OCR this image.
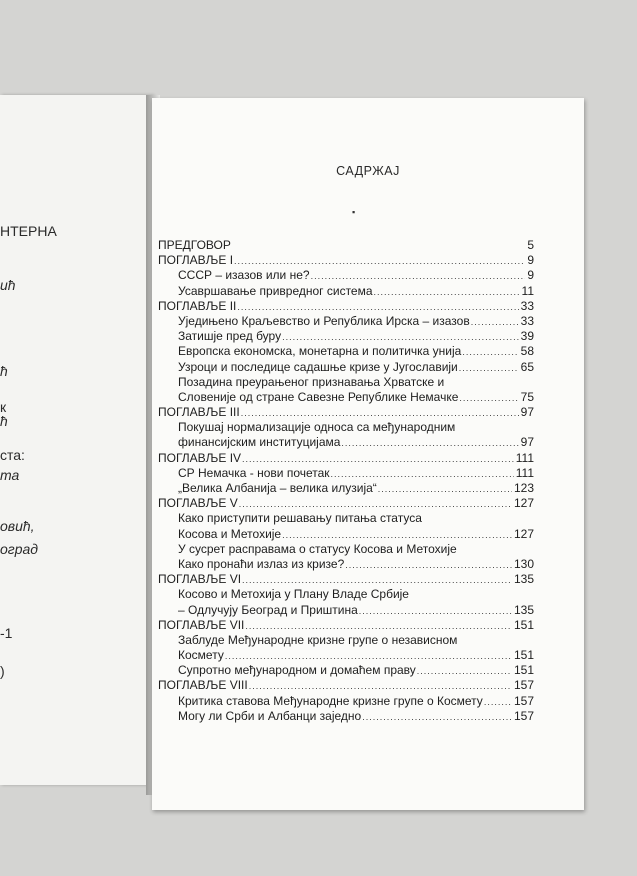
НТЕРНА
ић
ћ
к
ћ
ста:
та
овић,
оград
-1
)
САДРЖАЈ
▪
ПРЕДГОВОР	5
ПОГЛАВЉЕ I .....	9
СССР – изазов или не? .....	9
Усавршавање привредног система .....	11
ПОГЛАВЉЕ II .....	33
Уједињено Краљевство и Република Ирска – изазов .....	33
Затишје пред буру .....	39
Европска економска, монетарна и политичка унија .....	58
Узроци и последице садашње кризе у Југославији .....	65
Позадина преурањеног признавања Хрватске и
Словеније од стране Савезне Републике Немачке .....	75
ПОГЛАВЉЕ III .....	97
Покушај нормализације односа са међународним
финансијским институцијама .....	97
ПОГЛАВЉЕ IV .....	111
СР Немачка - нови почетак .....	111
„Велика Албанија – велика илузија“ .....	123
ПОГЛАВЉЕ V .....	127
Како приступити решавању питања статуса
Косова и Метохије .....	127
У сусрет расправама о статусу Косова и Метохије
Како пронаћи излаз из кризе? .....	130
ПОГЛАВЉЕ VI .....	135
Косово и Метохија у Плану Владе Србије
– Одлучују Београд и Приштина .....	135
ПОГЛАВЉЕ VII .....	151
Заблуде Међународне кризне групе о независном
Космету .....	151
Супротно међународном и домаћем праву .....	151
ПОГЛАВЉЕ VIII .....	157
Критика ставова Међународне кризне групе о Космету .....	157
Могу ли Срби и Албанци заједно .....	157
